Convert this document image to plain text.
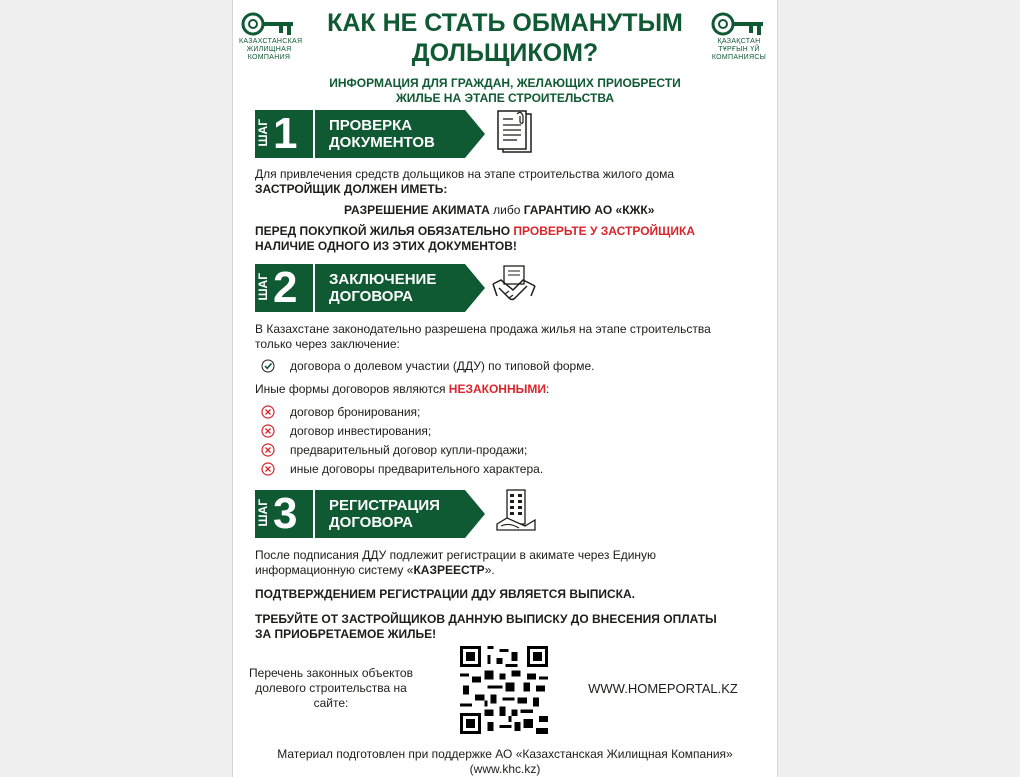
КАЗАХСТАНСКАЯ
ЖИЛИЩНАЯ
КОМПАНИЯ
ҚАЗАҚСТАН
ТҰРҒЫН ҮЙ
КОМПАНИЯСЫ
КАК НЕ СТАТЬ ОБМАНУТЫМ
ДОЛЬЩИКОМ?
ИНФОРМАЦИЯ ДЛЯ ГРАЖДАН, ЖЕЛАЮЩИХ ПРИОБРЕСТИ
ЖИЛЬЕ НА ЭТАПЕ СТРОИТЕЛЬСТВА
ШАГ 1 ПРОВЕРКА
ДОКУМЕНТОВ
Для привлечения средств дольщиков на этапе строительства жилого дома
ЗАСТРОЙЩИК ДОЛЖЕН ИМЕТЬ:
РАЗРЕШЕНИЕ АКИМАТА либо ГАРАНТИЮ АО «КЖК»
ПЕРЕД ПОКУПКОЙ ЖИЛЬЯ ОБЯЗАТЕЛЬНО ПРОВЕРЬТЕ У ЗАСТРОЙЩИКА
НАЛИЧИЕ ОДНОГО ИЗ ЭТИХ ДОКУМЕНТОВ!
ШАГ 2 ЗАКЛЮЧЕНИЕ
ДОГОВОРА
В Казахстане законодательно разрешена продажа жилья на этапе строительства
только через заключение:
договора о долевом участии (ДДУ) по типовой форме.
Иные формы договоров являются НЕЗАКОННЫМИ:
договор бронирования;
договор инвестирования;
предварительный договор купли-продажи;
иные договоры предварительного характера.
ШАГ 3 РЕГИСТРАЦИЯ
ДОГОВОРА
После подписания ДДУ подлежит регистрации в акимате через Единую
информационную систему «КАЗРЕЕСТР».
ПОДТВЕРЖДЕНИЕМ РЕГИСТРАЦИИ ДДУ ЯВЛЯЕТСЯ ВЫПИСКА.
ТРЕБУЙТЕ ОТ ЗАСТРОЙЩИКОВ ДАННУЮ ВЫПИСКУ ДО ВНЕСЕНИЯ ОПЛАТЫ
ЗА ПРИОБРЕТАЕМОЕ ЖИЛЬЕ!
Перечень законных объектов
долевого строительства на
сайте:
WWW.HOMEPORTAL.KZ
Материал подготовлен при поддержке АО «Казахстанская Жилищная Компания»
(www.khc.kz)
